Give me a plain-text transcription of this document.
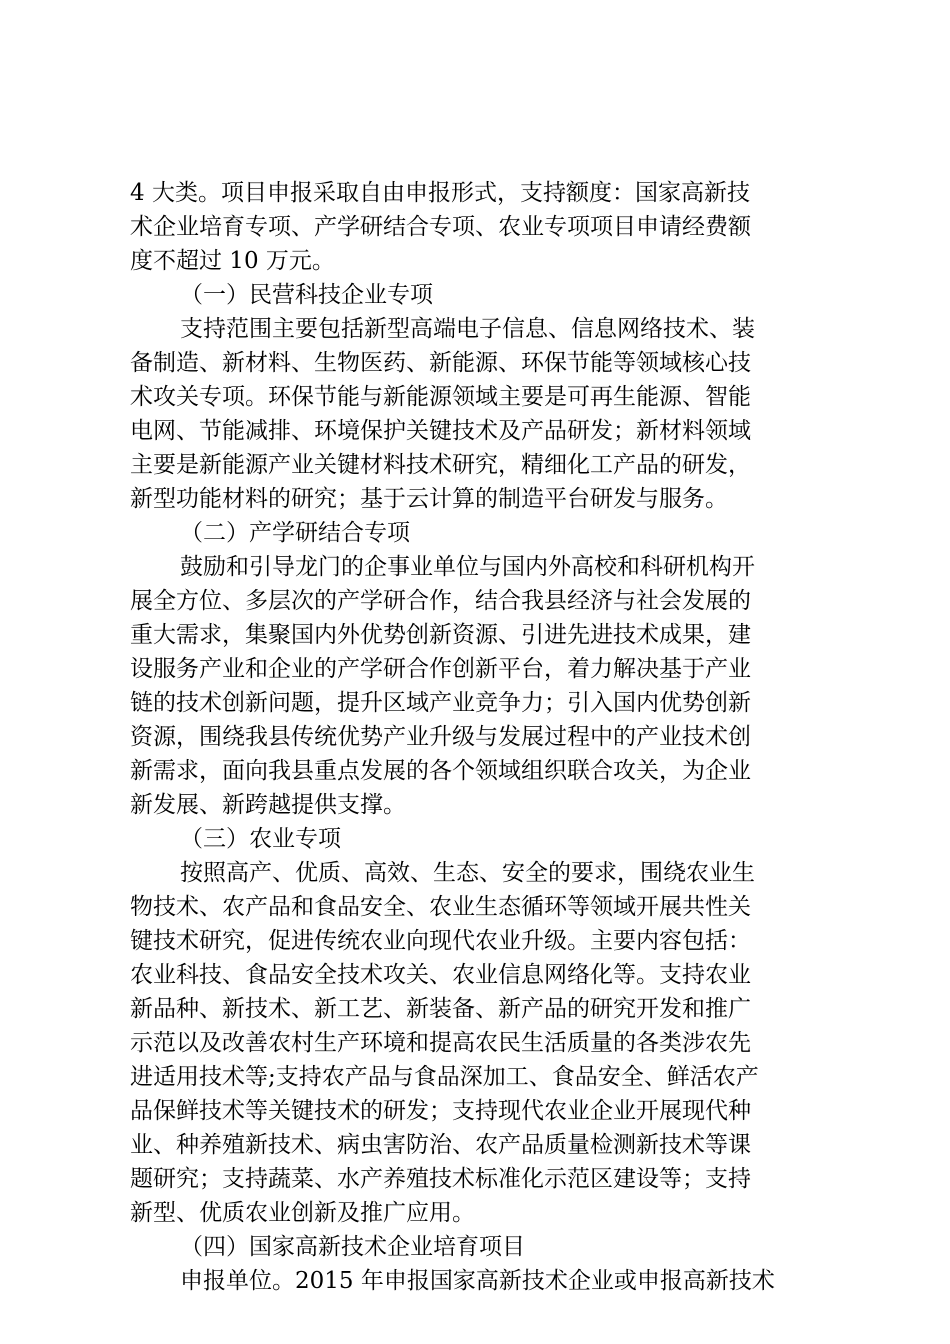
4 大类。项目申报采取自由申报形式，支持额度：国家高新技
术企业培育专项、产学研结合专项、农业专项项目申请经费额
度不超过 10 万元。
（一）民营科技企业专项
支持范围主要包括新型高端电子信息、信息网络技术、装
备制造、新材料、生物医药、新能源、环保节能等领域核心技
术攻关专项。环保节能与新能源领域主要是可再生能源、智能
电网、节能减排、环境保护关键技术及产品研发；新材料领域
主要是新能源产业关键材料技术研究，精细化工产品的研发，
新型功能材料的研究；基于云计算的制造平台研发与服务。
（二）产学研结合专项
鼓励和引导龙门的企事业单位与国内外高校和科研机构开
展全方位、多层次的产学研合作，结合我县经济与社会发展的
重大需求，集聚国内外优势创新资源、引进先进技术成果，建
设服务产业和企业的产学研合作创新平台，着力解决基于产业
链的技术创新问题，提升区域产业竞争力；引入国内优势创新
资源，围绕我县传统优势产业升级与发展过程中的产业技术创
新需求，面向我县重点发展的各个领域组织联合攻关，为企业
新发展、新跨越提供支撑。
（三）农业专项
按照高产、优质、高效、生态、安全的要求，围绕农业生
物技术、农产品和食品安全、农业生态循环等领域开展共性关
键技术研究，促进传统农业向现代农业升级。主要内容包括：
农业科技、食品安全技术攻关、农业信息网络化等。支持农业
新品种、新技术、新工艺、新装备、新产品的研究开发和推广
示范以及改善农村生产环境和提高农民生活质量的各类涉农先
进适用技术等;支持农产品与食品深加工、食品安全、鲜活农产
品保鲜技术等关键技术的研发；支持现代农业企业开展现代种
业、种养殖新技术、病虫害防治、农产品质量检测新技术等课
题研究；支持蔬菜、水产养殖技术标准化示范区建设等；支持
新型、优质农业创新及推广应用。
（四）国家高新技术企业培育项目
申报单位。2015 年申报国家高新技术企业或申报高新技术
